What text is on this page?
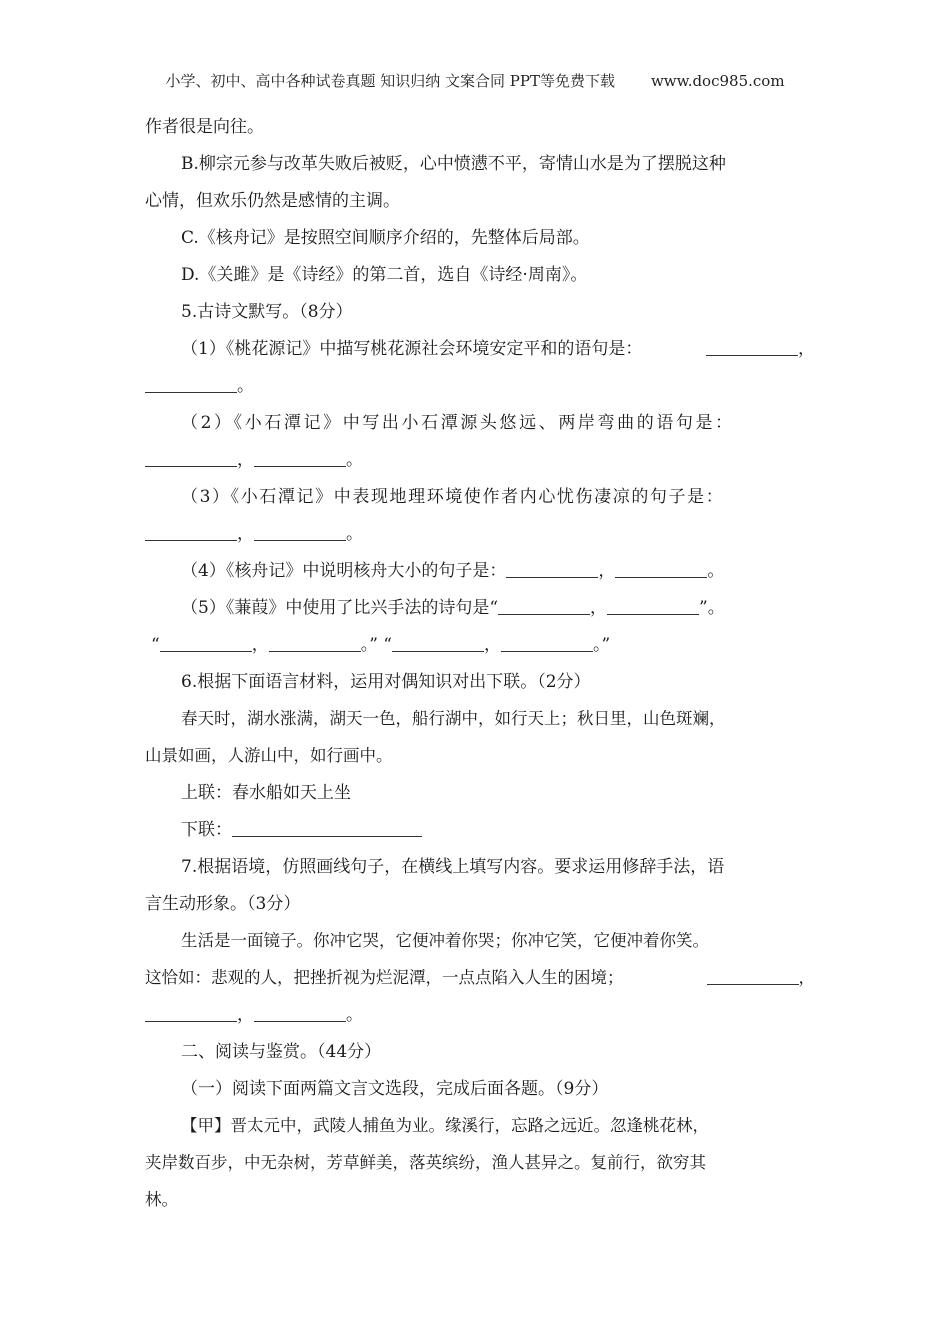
小学、初中、高中各种试卷真题 知识归纳 文案合同 PPT等免费下载 www.doc985.com
作者很是向往。
B.柳宗元参与改革失败后被贬，心中愤懑不平，寄情山水是为了摆脱这种
心情，但欢乐仍然是感情的主调。
C.《核舟记》是按照空间顺序介绍的，先整体后局部。
D.《关雎》是《诗经》的第二首，选自《诗经·周南》。
5.古诗文默写。（8分）
（1）《桃花源记》中描写桃花源社会环境安定平和的语句是：	，
。
（2）《小石潭记》中写出小石潭源头悠远、两岸弯曲的语句是：
，	。
（3）《小石潭记》中表现地理环境使作者内心忧伤凄凉的句子是：
，	。
（4）《核舟记》中说明核舟大小的句子是：	，	。
（5）《蒹葭》中使用了比兴手法的诗句是“	，	”。
“	，	。” “	，	。”
6.根据下面语言材料，运用对偶知识对出下联。（2分）
春天时，湖水涨满，湖天一色，船行湖中，如行天上；秋日里，山色斑斓，
山景如画，人游山中，如行画中。
上联：春水船如天上坐
下联：
7.根据语境，仿照画线句子，在横线上填写内容。要求运用修辞手法，语
言生动形象。（3分）
生活是一面镜子。你冲它哭，它便冲着你哭；你冲它笑，它便冲着你笑。
这恰如：悲观的人，把挫折视为烂泥潭，一点点陷入人生的困境；	，
，	。
二、阅读与鉴赏。（44分）
（一）阅读下面两篇文言文选段，完成后面各题。（9分）
【甲】晋太元中，武陵人捕鱼为业。缘溪行，忘路之远近。忽逢桃花林，
夹岸数百步，中无杂树，芳草鲜美，落英缤纷，渔人甚异之。复前行，欲穷其
林。
